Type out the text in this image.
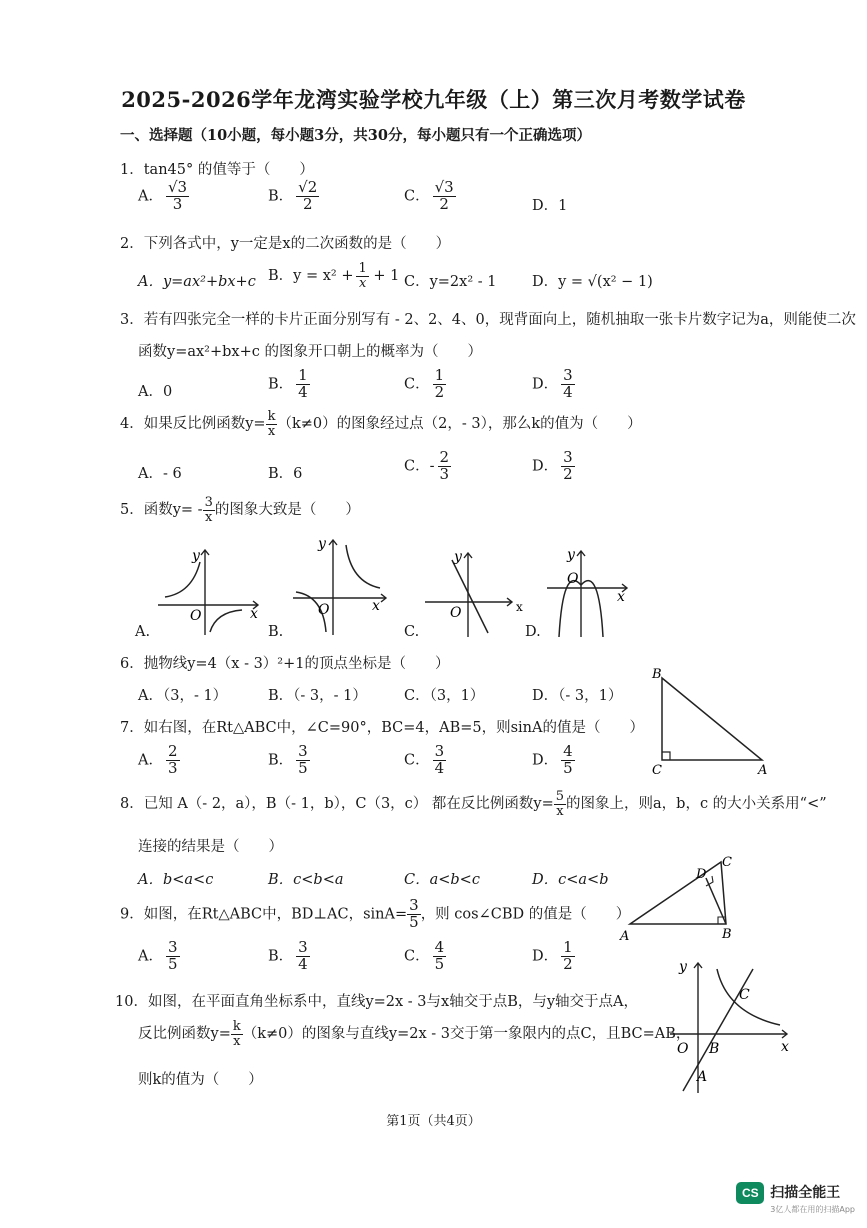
2025-2026学年龙湾实验学校九年级（上）第三次月考数学试卷
一、选择题（10小题，每小题3分，共30分，每小题只有一个正确选项）
1．tan45° 的值等于（　　）
A． $\frac{√3}{3}$	B． $\frac{√2}{2}$	C． $\frac{√3}{2}$	D．1
2．下列各式中，y一定是x的二次函数的是（　　）
A．y=ax²+bx+c B．$y = x^2 + \frac{1}{x} + 1$ C．y=2x² - 1 D．y = √(x² − 1)
3．若有四张完全一样的卡片正面分别写有 - 2、2、4、0，现背面向上，随机抽取一张卡片数字记为a，则能使二次
函数y=ax²+bx+c 的图象开口朝上的概率为（　　）
A．0	B． $\frac{1}{4}$	C． $\frac{1}{2}$	D． $\frac{3}{4}$
4．如果反比例函数$y= \frac{k}{x} (k\ne 0)$的图象经过点（2，- 3），那么k的值为（　　）
A．- 6	B．6	C．- $\frac{2}{3}$	D． $\frac{3}{2}$
5．函数$y= - \frac{3}{x}$ 的图象大致是（　　）
y
x
O
A.
y
x
O
B.
y
x
O
C.
y
x
O
D.
6．抛物线y=4（x - 3）²+1的顶点坐标是（　　）
A．（3，- 1）	B．（- 3，- 1）	C．（3，1）	D．（- 3，1）
B
C	A
7．如右图，在Rt△ABC中，∠C=90°，BC=4，AB=5，则sinA的值是（　　）
A． $\frac{2}{3}$	B． $\frac{3}{5}$	C． $\frac{3}{4}$	D． $\frac{4}{5}$
8．已知 A（- 2，a），B（- 1，b），C（3，c） 都在反比例函数$y= \frac{5}{x}$ 的图象上，则a，b，c 的大小关系用“<”
连接的结果是（　　）
A．b<a<c	B．c<b<a	C．a<b<c	D．c<a<b
A	B
C
D
9．如图，在Rt△ABC中，BD⊥AC，$\sin A= \frac{3}{5}$ ，则 cos∠CBD 的值是（　　）
A． $\frac{3}{5}$	B． $\frac{3}{4}$	C． $\frac{4}{5}$	D． $\frac{1}{2}$	y
x
O B
A
C
10．如图，在平面直角坐标系中，直线y=2x - 3与x轴交于点B，与y轴交于点A，
反比例函数$y= \frac{k}{x} (k\ne 0)$的图象与直线y=2x - 3交于第一象限内的点C，且BC=AB，
则k的值为（　　）
第1页（共4页）
CS 扫描全能王
3亿人都在用的扫描App
